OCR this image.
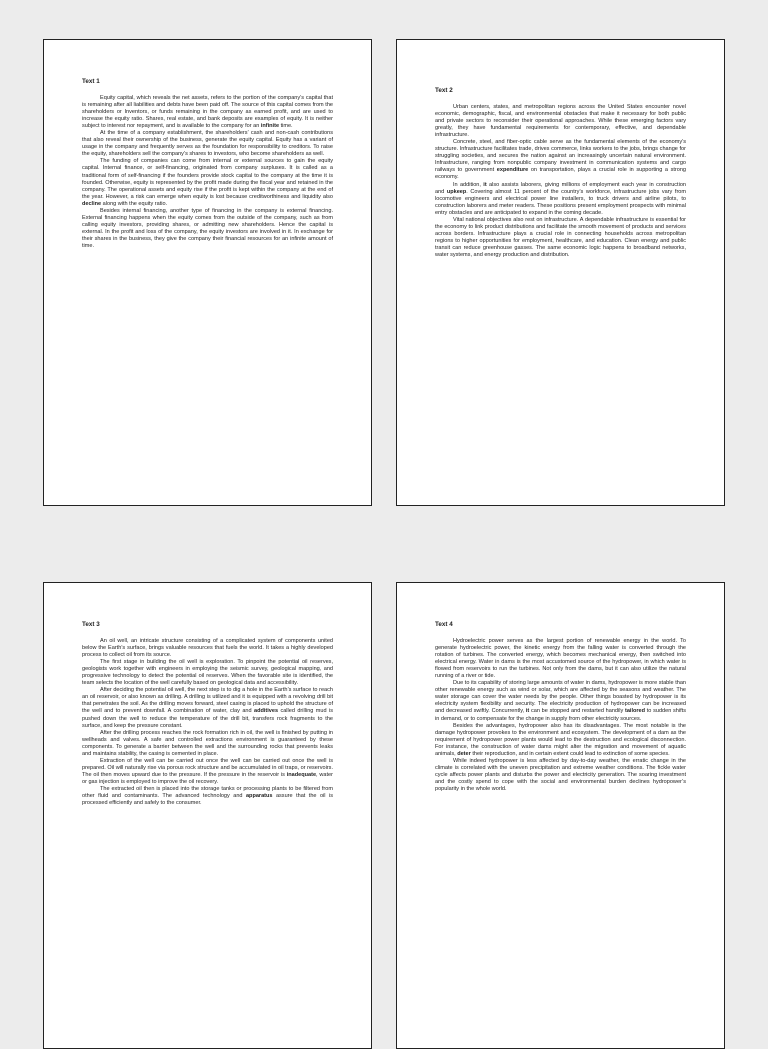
Text 1

Equity capital, which reveals the net assets, refers to the portion of the company’s capital that is remaining after all liabilities and debts have been paid off. The source of this capital comes from the shareholders or Inventors, or funds remaining in the company as earned profit, and are used to increase the equity ratio. Shares, real estate, and bank deposits are examples of equity. It is neither subject to interest nor repayment, and is available to the company for an infinite time.

At the time of a company establishment, the shareholders’ cash and non-cash contributions that also reveal their ownership of the business, generate the equity capital. Equity has a variant of usage in the company and frequently serves as the foundation for responsibility to creditors. To raise the equity, shareholders sell the company’s shares to investors, who become shareholders as well.

The funding of companies can come from internal or external sources to gain the equity capital. Internal finance, or self-financing, originated from company surpluses. It is called as a traditional form of self-financing if the founders provide stock capital to the company at the time it is founded. Otherwise, equity is represented by the profit made during the fiscal year and retained in the company. The operational assets and equity rise if the profit is kept within the company at the end of the year. However, a risk can emerge when equity is lost because creditworthiness and liquidity also decline along with the equity ratio.

Besides internal financing, another type of financing in the company is external financing. External financing happens when the equity comes from the outside of the company, such as from calling equity investors, providing shares, or admitting new shareholders. Hence the capital is external. In the profit and loss of the company, the equity investors are involved in it. In exchange for their shares in the business, they give the company their financial resources for an infinite amount of time.

Text 2

Urban centers, states, and metropolitan regions across the United States encounter novel economic, demographic, fiscal, and environmental obstacles that make it necessary for both public and private sectors to reconsider their operational approaches. While these emerging factors vary greatly, they have fundamental requirements for contemporary, effective, and dependable infrastructure.

Concrete, steel, and fiber-optic cable serve as the fundamental elements of the economy’s structure. Infrastructure facilitates trade, drives commerce, links workers to the jobs, brings change for struggling societies, and secures the nation against an increasingly uncertain natural environment. Infrastructure, ranging from nonpublic company investment in communication systems and cargo railways to government expenditure on transportation, plays a crucial role in supporting a strong economy.

In addition, it also assists laborers, giving millions of employment each year in construction and upkeep. Covering almost 11 percent of the country’s workforce, infrastructure jobs vary from locomotive engineers and electrical power line installers, to truck drivers and airline pilots, to construction laborers and meter readers. These positions present employment prospects with minimal entry obstacles and are anticipated to expand in the coming decade.

Vital national objectives also rest on infrastructure. A dependable infrastructure is essential for the economy to link product distributions and facilitate the smooth movement of products and services across borders. Infrastructure plays a crucial role in connecting households across metropolitan regions to higher opportunities for employment, healthcare, and education. Clean energy and public transit can reduce greenhouse gasses. The same economic logic happens to broadband networks, water systems, and energy production and distribution.

Text 3

An oil well, an intricate structure consisting of a complicated system of components united below the Earth’s surface, brings valuable resources that fuels the world. It takes a highly developed process to collect oil from its source.

The first stage in building the oil well is exploration. To pinpoint the potential oil reserves, geologists work together with engineers in employing the seismic survey, geological mapping, and progressive technology to detect the potential oil reserves. When the favorable site is identified, the team selects the location of the well carefully based on geological data and accessibility.

After deciding the potential oil well, the next step is to dig a hole in the Earth’s surface to reach an oil reservoir, or also known as drilling. A drilling is utilized and it is equipped with a revolving drill bit that penetrates the soil. As the drilling moves forward, steel casing is placed to uphold the structure of the well and to prevent downfall. A combination of water, clay and additives called drilling mud is pushed down the well to reduce the temperature of the drill bit, transfers rock fragments to the surface, and keep the pressure constant.

After the drilling process reaches the rock formation rich in oil, the well is finished by putting in wellheads and valves. A safe and controlled extractions environment is guaranteed by these components. To generate a barrier between the well and the surrounding rocks that prevents leaks and maintains stability, the casing is cemented in place.

Extraction of the well can be carried out once the well can be carried out once the well is prepared. Oil will naturally rise via porous rock structure and be accumulated in oil traps, or reservoirs. The oil then moves upward due to the pressure. If the pressure in the reservoir is inadequate, water or gas injection is employed to improve the oil recovery.

The extracted oil then is placed into the storage tanks or processing plants to be filtered from other fluid and contaminants. The advanced technology and apparatus assure that the oil is processed efficiently and safely to the consumer.

Text 4

Hydroelectric power serves as the largest portion of renewable energy in the world. To generate hydroelectric power, the kinetic energy from the falling water is converted through the rotation of turbines. The converted energy, which becomes mechanical energy, then switched into electrical energy. Water in dams is the most accustomed source of the hydropower, in which water is flowed from reservoirs to run the turbines. Not only from the dams, but it can also utilize the natural running of a river or tide.

Due to its capability of storing large amounts of water in dams, hydropower is more stable than other renewable energy such as wind or solar, which are affected by the seasons and weather. The water storage can cover the water needs by the people. Other things boasted by hydropower is its electricity system flexibility and security. The electricity production of hydropower can be increased and decreased swiftly. Concurrently, it can be stopped and restarted handily tailored to sudden shifts in demand, or to compensate for the change in supply from other electricity sources.

Besides the advantages, hydropower also has its disadvantages. The most notable is the damage hydropower provokes to the environment and ecosystem. The development of a dam as the requirement of hydropower power plants would lead to the destruction and ecological disconnection. For instance, the construction of water dams might alter the migration and movement of aquatic animals, deter their reproduction, and in certain extent could lead to extinction of some species.

While indeed hydropower is less affected by day-to-day weather, the erratic change in the climate is correlated with the uneven precipitation and extreme weather conditions. The fickle water cycle affects power plants and disturbs the power and electricity generation. The soaring investment and the costly spend to cope with the social and environmental burden declines hydropower’s popularity in the whole world.
